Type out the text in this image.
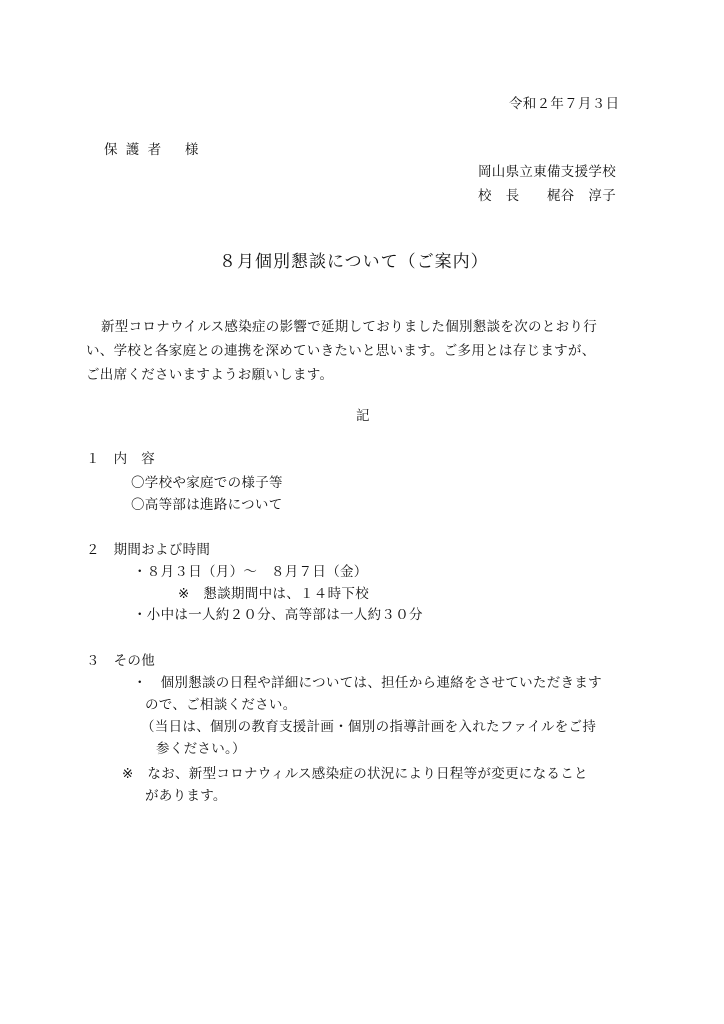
令和２年７月３日
保 護 者　 様
岡山県立東備支援学校
校　長　　梶谷　淳子
８月個別懇談について（ご案内）
新型コロナウイルス感染症の影響で延期しておりました個別懇談を次のとおり行
い、学校と各家庭との連携を深めていきたいと思います。ご多用とは存じますが、
ご出席くださいますようお願いします。
記
１　内　容
〇学校や家庭での様子等
〇高等部は進路について
２　期間および時間
・８月３日（月）～　８月７日（金）
※　懇談期間中は、１４時下校
・小中は一人約２０分、高等部は一人約３０分
３　その他
・　個別懇談の日程や詳細については、担任から連絡をさせていただきます
ので、ご相談ください。
（当日は、個別の教育支援計画・個別の指導計画を入れたファイルをご持
参ください。）
※　なお、新型コロナウィルス感染症の状況により日程等が変更になること
があります。
